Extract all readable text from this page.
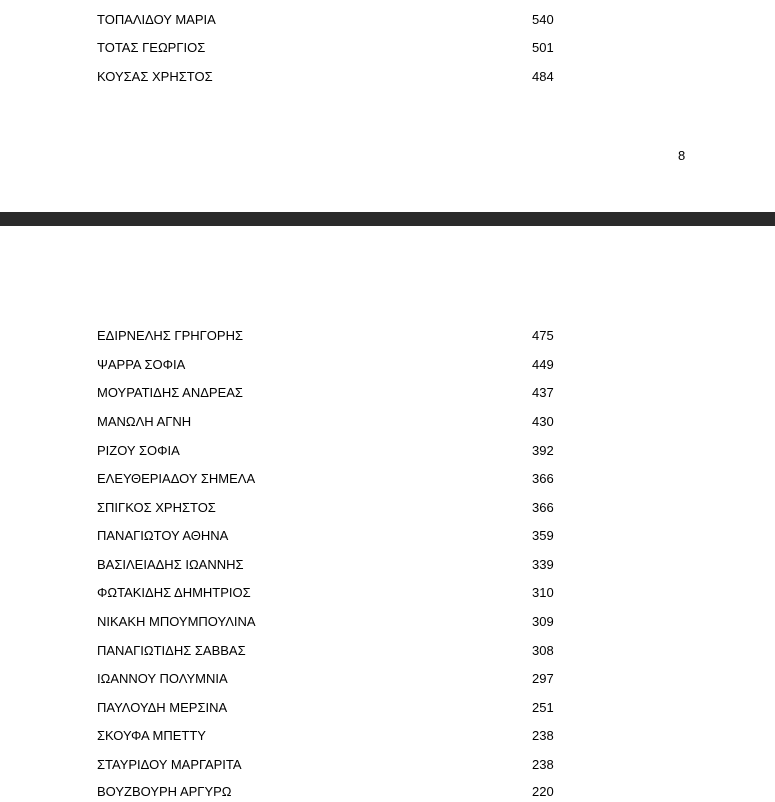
ΤΟΠΑΛΙΔΟΥ ΜΑΡΙΑ	540
ΤΟΤΑΣ ΓΕΩΡΓΙΟΣ	501
ΚΟΥΣΑΣ ΧΡΗΣΤΟΣ	484
8
ΕΔΙΡΝΕΛΗΣ ΓΡΗΓΟΡΗΣ	475
ΨΑΡΡΑ ΣΟΦΙΑ	449
ΜΟΥΡΑΤΙΔΗΣ ΑΝΔΡΕΑΣ	437
ΜΑΝΩΛΗ ΑΓΝΗ	430
ΡΙΖΟΥ ΣΟΦΙΑ	392
ΕΛΕΥΘΕΡΙΑΔΟΥ ΣΗΜΕΛΑ	366
ΣΠΙΓΚΟΣ ΧΡΗΣΤΟΣ	366
ΠΑΝΑΓΙΩΤΟΥ ΑΘΗΝΑ	359
ΒΑΣΙΛΕΙΑΔΗΣ ΙΩΑΝΝΗΣ	339
ΦΩΤΑΚΙΔΗΣ ΔΗΜΗΤΡΙΟΣ	310
ΝΙΚΑΚΗ ΜΠΟΥΜΠΟΥΛΙΝΑ	309
ΠΑΝΑΓΙΩΤΙΔΗΣ ΣΑΒΒΑΣ	308
ΙΩΑΝΝΟΥ ΠΟΛΥΜΝΙΑ	297
ΠΑΥΛΟΥΔΗ ΜΕΡΣΙΝΑ	251
ΣΚΟΥΦΑ ΜΠΕΤΤΥ	238
ΣΤΑΥΡΙΔΟΥ ΜΑΡΓΑΡΙΤΑ	238
ΒΟΥΖΒΟΥΡΗ ΑΡΓΥΡΩ	220
